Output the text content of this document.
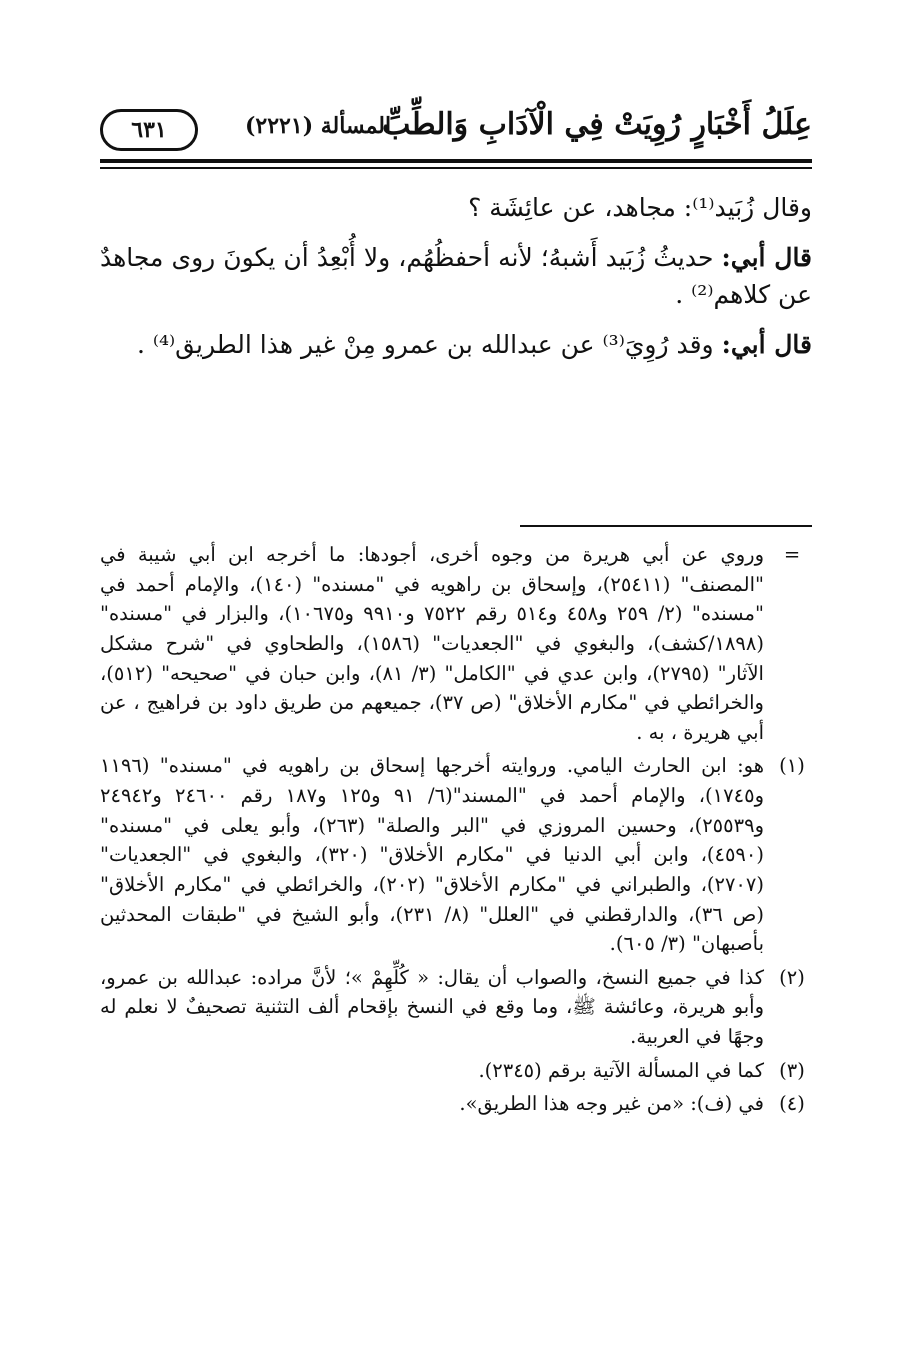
عِلَلُ أَخْبَارٍ رُوِيَتْ فِي الْآدَابِ وَالطِّبِّ
المسألة (٢٢٢١)
٦٣١

وقال زُبَيد⁽¹⁾: مجاهد، عن عائِشَة ؟

قال أبي: حديثُ زُبَيد أَشبهُ؛ لأنه أحفظُهُم، ولا أُبْعِدُ أن يكونَ روى مجاهدٌ عن كلاهم⁽²⁾ .

قال أبي: وقد رُوِيَ⁽³⁾ عن عبدالله بن عمرو مِنْ غير هذا الطريق⁽⁴⁾ .

=
وروي عن أبي هريرة من وجوه أخرى، أجودها: ما أخرجه ابن أبي شيبة في "المصنف" (٢٥٤١١)، وإسحاق بن راهويه في "مسنده" (١٤٠)، والإمام أحمد في "مسنده" (٢/ ٢٥٩ و٤٥٨ و٥١٤ رقم ٧٥٢٢ و٩٩١٠ و١٠٦٧٥)، والبزار في "مسنده" (١٨٩٨/كشف)، والبغوي في "الجعديات" (١٥٨٦)، والطحاوي في "شرح مشكل الآثار" (٢٧٩٥)، وابن عدي في "الكامل" (٣/ ٨١)، وابن حبان في "صحيحه" (٥١٢)، والخرائطي في "مكارم الأخلاق" (ص ٣٧)، جميعهم من طريق داود بن فراهيج ، عن أبي هريرة ، به .
(١)
هو: ابن الحارث اليامي. وروايته أخرجها إسحاق بن راهويه في "مسنده" (١١٩٦ و١٧٤٥)، والإمام أحمد في "المسند"(٦/ ٩١ و١٢٥ و١٨٧ رقم ٢٤٦٠٠ و٢٤٩٤٢ و٢٥٥٣٩)، وحسين المروزي في "البر والصلة" (٢٦٣)، وأبو يعلى في "مسنده" (٤٥٩٠)، وابن أبي الدنيا في "مكارم الأخلاق" (٣٢٠)، والبغوي في "الجعديات" (٢٧٠٧)، والطبراني في "مكارم الأخلاق" (٢٠٢)، والخرائطي في "مكارم الأخلاق" (ص ٣٦)، والدارقطني في "العلل" (٨/ ٢٣١)، وأبو الشيخ في "طبقات المحدثين بأصبهان" (٣/ ٦٠٥).
(٢)
كذا في جميع النسخ، والصواب أن يقال: « كُلِّهِمْ »؛ لأنَّ مراده: عبدالله بن عمرو، وأبو هريرة، وعائشة ﷺ، وما وقع في النسخ بإقحام ألف التثنية تصحيفٌ لا نعلم له وجهًا في العربية.
(٣)
كما في المسألة الآتية برقم (٢٣٤٥).
(٤)
في (ف): «من غير وجه هذا الطريق».
